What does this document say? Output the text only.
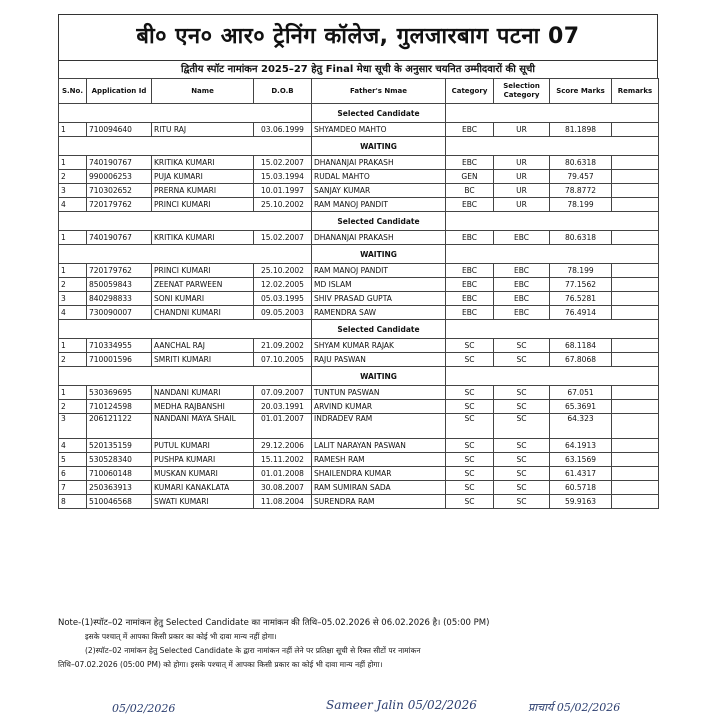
बी० एन० आर० ट्रेनिंग कॉलेज, गुलजारबाग पटना 07
द्वितीय स्पॉट नामांकन 2025–27 हेतु Final मेधा सूची के अनुसार चयनित उम्मीदवारों की सूची
S.No.	Application Id	Name	D.O.B	Father's Nmae	Category	Selection Category	Score Marks	Remarks
				Selected Candidate				
1	710094640	RITU RAJ	03.06.1999	SHYAMDEO MAHTO	EBC	UR	81.1898	
				WAITING				
1	740190767	KRITIKA KUMARI	15.02.2007	DHANANJAI PRAKASH	EBC	UR	80.6318	
2	990006253	PUJA KUMARI	15.03.1994	RUDAL MAHTO	GEN	UR	79.457	
3	710302652	PRERNA KUMARI	10.01.1997	SANJAY KUMAR	BC	UR	78.8772	
4	720179762	PRINCI KUMARI	25.10.2002	RAM MANOJ PANDIT	EBC	UR	78.199	
				Selected Candidate				
1	740190767	KRITIKA KUMARI	15.02.2007	DHANANJAI PRAKASH	EBC	EBC	80.6318	
				WAITING				
1	720179762	PRINCI KUMARI	25.10.2002	RAM MANOJ PANDIT	EBC	EBC	78.199	
2	850059843	ZEENAT PARWEEN	12.02.2005	MD ISLAM	EBC	EBC	77.1562	
3	840298833	SONI KUMARI	05.03.1995	SHIV PRASAD GUPTA	EBC	EBC	76.5281	
4	730090007	CHANDNI KUMARI	09.05.2003	RAMENDRA SAW	EBC	EBC	76.4914	
				Selected Candidate				
1	710334955	AANCHAL RAJ	21.09.2002	SHYAM KUMAR RAJAK	SC	SC	68.1184	
2	710001596	SMRITI KUMARI	07.10.2005	RAJU PASWAN	SC	SC	67.8068	
				WAITING				
1	530369695	NANDANI KUMARI	07.09.2007	TUNTUN PASWAN	SC	SC	67.051	
2	710124598	MEDHA RAJBANSHI	20.03.1991	ARVIND KUMAR	SC	SC	65.3691	
3	206121122	NANDANI MAYA SHAIL	01.01.2007	INDRADEV RAM	SC	SC	64.323	
4	520135159	PUTUL KUMARI	29.12.2006	LALIT NARAYAN PASWAN	SC	SC	64.1913	
5	530528340	PUSHPA KUMARI	15.11.2002	RAMESH RAM	SC	SC	63.1569	
6	710060148	MUSKAN KUMARI	01.01.2008	SHAILENDRA KUMAR	SC	SC	61.4317	
7	250363913	KUMARI KANAKLATA	30.08.2007	RAM SUMIRAN SADA	SC	SC	60.5718	
8	510046568	SWATI KUMARI	11.08.2004	SURENDRA RAM	SC	SC	59.9163	

Note-(1)स्पॉट–02 नामांकन हेतु Selected Candidate का नामांकन की तिथि–05.02.2026 से 06.02.2026 है। (05:00 PM)

इसके पश्चात् में आपका किसी प्रकार का कोई भी दावा मान्य नहीं होगा।

(2)स्पॉट–02 नामांकन हेतु Selected Candidate के द्वारा नामांकन नहीं लेने पर प्रतिक्षा सूची से रिक्त सीटों पर नामांकन

तिथि–07.02.2026 (05:00 PM) को होगा। इसके पश्चात् में आपका किसी प्रकार का कोई भी दावा मान्य नहीं होगा।

05/02/2026	Sameer Jalin 05/02/2026	प्राचार्य 05/02/2026
